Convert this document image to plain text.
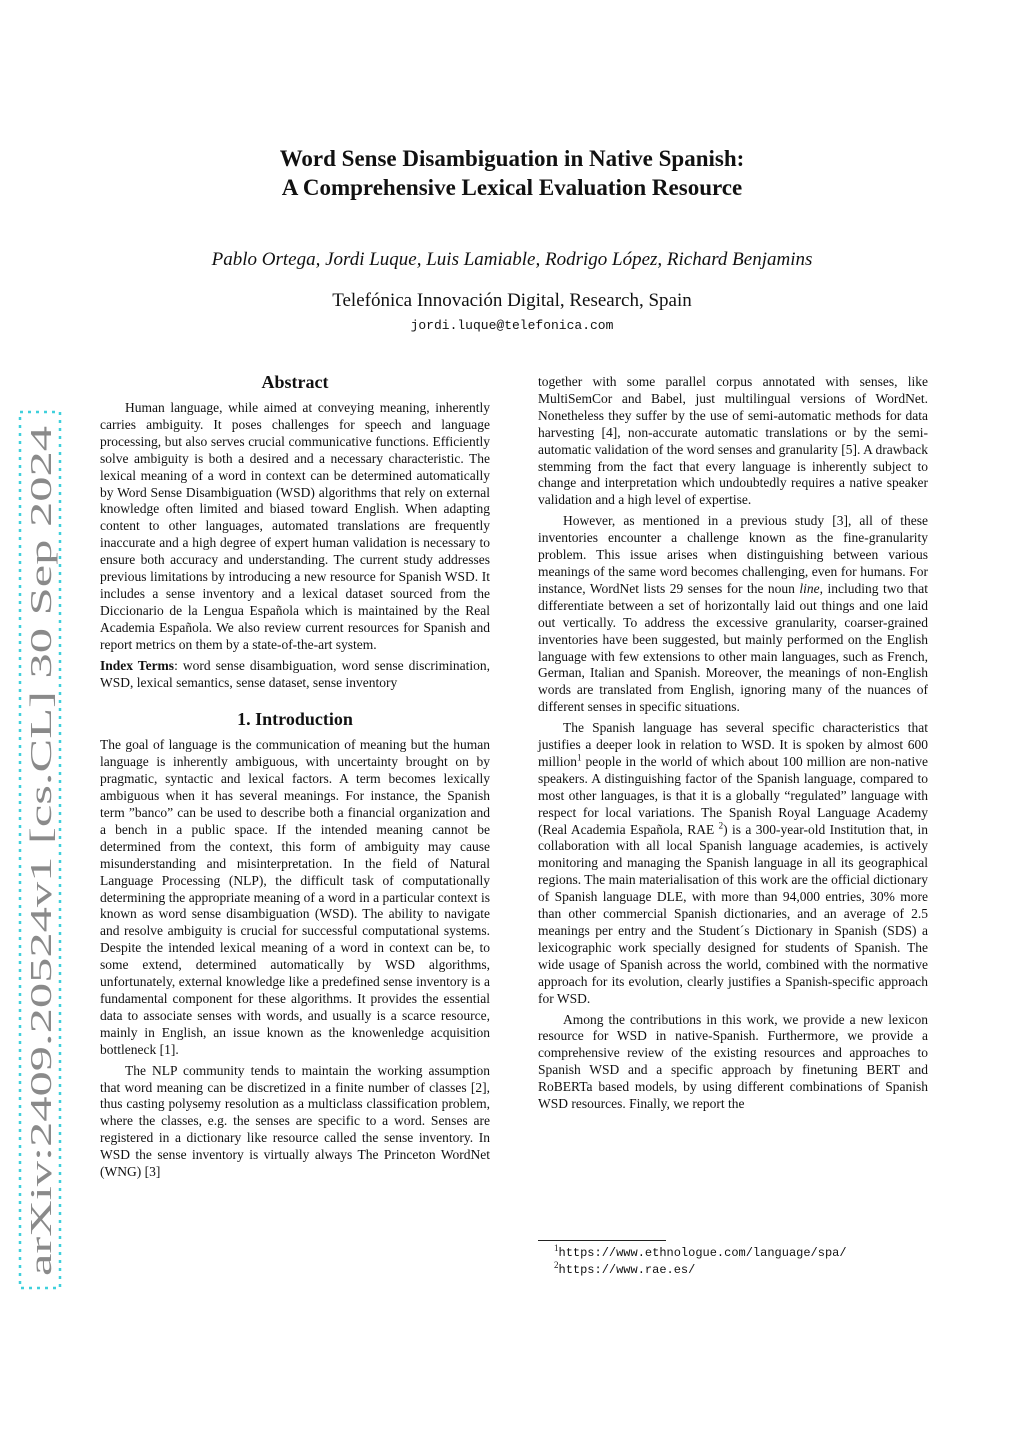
arXiv:2409.20524v1 [cs.CL] 30 Sep 2024
Word Sense Disambiguation in Native Spanish:
A Comprehensive Lexical Evaluation Resource
Pablo Ortega, Jordi Luque, Luis Lamiable, Rodrigo López, Richard Benjamins
Telefónica Innovación Digital, Research, Spain
jordi.luque@telefonica.com
Abstract

Human language, while aimed at conveying meaning, inherently carries ambiguity. It poses challenges for speech and language processing, but also serves crucial communicative functions. Efficiently solve ambiguity is both a desired and a necessary characteristic. The lexical meaning of a word in context can be determined automatically by Word Sense Disambiguation (WSD) algorithms that rely on external knowledge often limited and biased toward English. When adapting content to other languages, automated translations are frequently inaccurate and a high degree of expert human validation is necessary to ensure both accuracy and understanding. The current study addresses previous limitations by introducing a new resource for Spanish WSD. It includes a sense inventory and a lexical dataset sourced from the Diccionario de la Lengua Española which is maintained by the Real Academia Española. We also review current resources for Spanish and report metrics on them by a state-of-the-art system.

Index Terms: word sense disambiguation, word sense discrimination, WSD, lexical semantics, sense dataset, sense inventory

1. Introduction

The goal of language is the communication of meaning but the human language is inherently ambiguous, with uncertainty brought on by pragmatic, syntactic and lexical factors. A term becomes lexically ambiguous when it has several meanings. For instance, the Spanish term ”banco” can be used to describe both a financial organization and a bench in a public space. If the intended meaning cannot be determined from the context, this form of ambiguity may cause misunderstanding and misinterpretation. In the field of Natural Language Processing (NLP), the difficult task of computationally determining the appropriate meaning of a word in a particular context is known as word sense disambiguation (WSD). The ability to navigate and resolve ambiguity is crucial for successful computational systems. Despite the intended lexical meaning of a word in context can be, to some extend, determined automatically by WSD algorithms, unfortunately, external knowledge like a predefined sense inventory is a fundamental component for these algorithms. It provides the essential data to associate senses with words, and usually is a scarce resource, mainly in English, an issue known as the knowenledge acquisition bottleneck [1].

The NLP community tends to maintain the working assumption that word meaning can be discretized in a finite number of classes [2], thus casting polysemy resolution as a multiclass classification problem, where the classes, e.g. the senses are specific to a word. Senses are registered in a dictionary like resource called the sense inventory. In WSD the sense inventory is virtually always The Princeton WordNet (WNG) [3]

together with some parallel corpus annotated with senses, like MultiSemCor and Babel, just multilingual versions of WordNet. Nonetheless they suffer by the use of semi-automatic methods for data harvesting [4], non-accurate automatic translations or by the semi-automatic validation of the word senses and granularity [5]. A drawback stemming from the fact that every language is inherently subject to change and interpretation which undoubtedly requires a native speaker validation and a high level of expertise.

However, as mentioned in a previous study [3], all of these inventories encounter a challenge known as the fine-granularity problem. This issue arises when distinguishing between various meanings of the same word becomes challenging, even for humans. For instance, WordNet lists 29 senses for the noun line, including two that differentiate between a set of horizontally laid out things and one laid out vertically. To address the excessive granularity, coarser-grained inventories have been suggested, but mainly performed on the English language with few extensions to other main languages, such as French, German, Italian and Spanish. Moreover, the meanings of non-English words are translated from English, ignoring many of the nuances of different senses in specific situations.

The Spanish language has several specific characteristics that justifies a deeper look in relation to WSD. It is spoken by almost 600 million$^1$ people in the world of which about 100 million are non-native speakers. A distinguishing factor of the Spanish language, compared to most other languages, is that it is a globally “regulated” language with respect for local variations. The Spanish Royal Language Academy (Real Academia Española, RAE $^2$) is a 300-year-old Institution that, in collaboration with all local Spanish language academies, is actively monitoring and managing the Spanish language in all its geographical regions. The main materialisation of this work are the official dictionary of Spanish language DLE, with more than 94,000 entries, 30% more than other commercial Spanish dictionaries, and an average of 2.5 meanings per entry and the Student´s Dictionary in Spanish (SDS) a lexicographic work specially designed for students of Spanish. The wide usage of Spanish across the world, combined with the normative approach for its evolution, clearly justifies a Spanish-specific approach for WSD.

Among the contributions in this work, we provide a new lexicon resource for WSD in native-Spanish. Furthermore, we provide a comprehensive review of the existing resources and approaches to Spanish WSD and a specific approach by finetuning BERT and RoBERTa based models, by using different combinations of Spanish WSD resources. Finally, we report the

$^1$https://www.ethnologue.com/language/spa/
$^2$https://www.rae.es/
